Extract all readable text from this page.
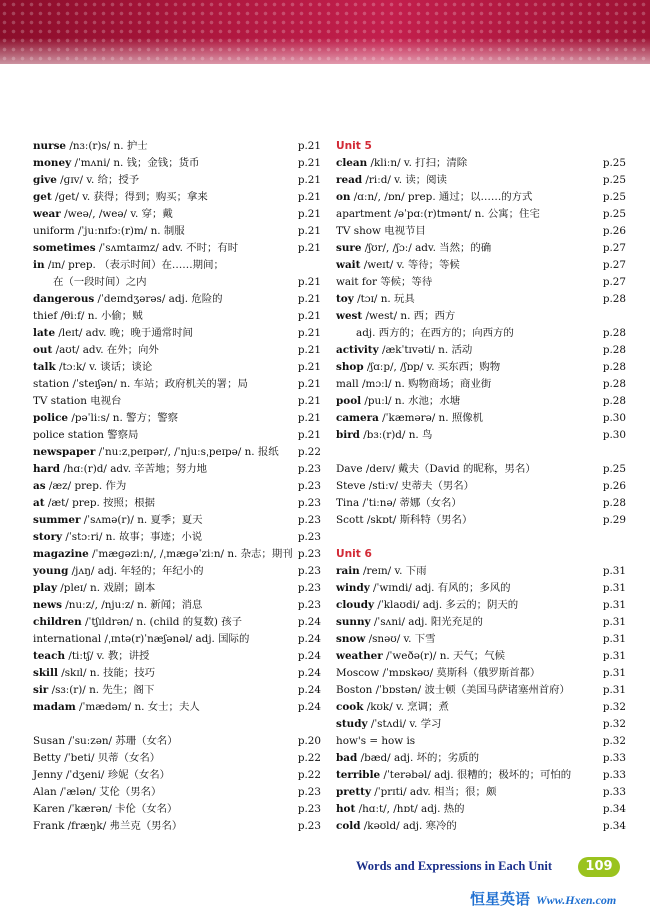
nurse /nɜː(r)s/ n. 护士	p.21
money /ˈmʌni/ n. 钱；金钱；货币	p.21
give /ɡɪv/ v. 给；授予	p.21
get /ɡet/ v. 获得；得到；购买；拿来	p.21
wear /weə/, /weə/ v. 穿；戴	p.21
uniform /ˈjuːnɪfɔː(r)m/ n. 制服	p.21
sometimes /ˈsʌmtaɪmz/ adv. 不时；有时	p.21
in /ɪn/ prep. （表示时间）在……期间；
在（一段时间）之内	p.21
dangerous /ˈdeɪndʒərəs/ adj. 危险的	p.21
thief /θiːf/ n. 小偷；贼	p.21
late /leɪt/ adv. 晚；晚于通常时间	p.21
out /aʊt/ adv. 在外；向外	p.21
talk /tɔːk/ v. 谈话；谈论	p.21
station /ˈsteɪʃən/ n. 车站；政府机关的署；局	p.21
TV station 电视台	p.21
police /pəˈliːs/ n. 警方；警察	p.21
police station 警察局	p.21
newspaper /ˈnuːzˌpeɪpər/, /ˈnjuːsˌpeɪpə/ n. 报纸 p.22
hard /hɑː(r)d/ adv. 辛苦地；努力地	p.23
as /æz/ prep. 作为	p.23
at /æt/ prep. 按照；根据	p.23
summer /ˈsʌmə(r)/ n. 夏季；夏天	p.23
story /ˈstɔːri/ n. 故事；事迹；小说	p.23
magazine /ˈmæɡəziːn/, /ˌmæɡəˈziːn/ n. 杂志；期刊 p.23
young /jʌŋ/ adj. 年轻的；年纪小的	p.23
play /pleɪ/ n. 戏剧；剧本	p.23
news /nuːz/, /njuːz/ n. 新闻；消息	p.23
children /ˈtʃɪldrən/ n. (child 的复数) 孩子	p.24
international /ˌɪntə(r)ˈnæʃənəl/ adj. 国际的	p.24
teach /tiːtʃ/ v. 教；讲授	p.24
skill /skɪl/ n. 技能；技巧	p.24
sir /sɜː(r)/ n. 先生；阁下	p.24
madam /ˈmædəm/ n. 女士；夫人	p.24
Susan /ˈsuːzən/ 苏珊（女名）	p.20
Betty /ˈbeti/ 贝蒂（女名）	p.22
Jenny /ˈdʒeni/ 珍妮（女名）	p.22
Alan /ˈælən/ 艾伦（男名）	p.23
Karen /ˈkærən/ 卡伦（女名）	p.23
Frank /fræŋk/ 弗兰克（男名）	p.23
Unit 5
clean /kliːn/ v. 打扫；清除	p.25
read /riːd/ v. 读；阅读	p.25
on /ɑːn/, /ɒn/ prep. 通过；以……的方式	p.25
apartment /əˈpɑː(r)tmənt/ n. 公寓；住宅	p.25
TV show 电视节目	p.26
sure /ʃʊr/, /ʃɔː/ adv. 当然；的确	p.27
wait /weɪt/ v. 等待；等候	p.27
wait for 等候；等待	p.27
toy /tɔɪ/ n. 玩具	p.28
west /west/ n. 西；西方
adj. 西方的；在西方的；向西方的	p.28
activity /ækˈtɪvəti/ n. 活动	p.28
shop /ʃɑːp/, /ʃɒp/ v. 买东西；购物	p.28
mall /mɔːl/ n. 购物商场；商业街	p.28
pool /puːl/ n. 水池；水塘	p.28
camera /ˈkæmərə/ n. 照像机	p.30
bird /bɜː(r)d/ n. 鸟	p.30
Dave /deɪv/ 戴夫（David 的昵称，男名）	p.25
Steve /stiːv/ 史蒂夫（男名）	p.26
Tina /ˈtiːnə/ 蒂娜（女名）	p.28
Scott /skɒt/ 斯科特（男名）	p.29
Unit 6
rain /reɪn/ v. 下雨	p.31
windy /ˈwɪndi/ adj. 有风的；多风的	p.31
cloudy /ˈklaʊdi/ adj. 多云的；阴天的	p.31
sunny /ˈsʌni/ adj. 阳光充足的	p.31
snow /snəʊ/ v. 下雪	p.31
weather /ˈweðə(r)/ n. 天气；气候	p.31
Moscow /ˈmɒskəʊ/ 莫斯科（俄罗斯首都）	p.31
Boston /ˈbɒstən/ 波士顿（美国马萨诸塞州首府）	p.31
cook /kʊk/ v. 烹调；煮	p.32
study /ˈstʌdi/ v. 学习	p.32
how's = how is	p.32
bad /bæd/ adj. 坏的；劣质的	p.33
terrible /ˈterəbəl/ adj. 很糟的；极坏的；可怕的	p.33
pretty /ˈprɪti/ adv. 相当；很；颇	p.33
hot /hɑːt/, /hɒt/ adj. 热的	p.34
cold /kəʊld/ adj. 寒冷的	p.34
Words and Expressions in Each Unit	109
恒星英语 Www.Hxen.com
